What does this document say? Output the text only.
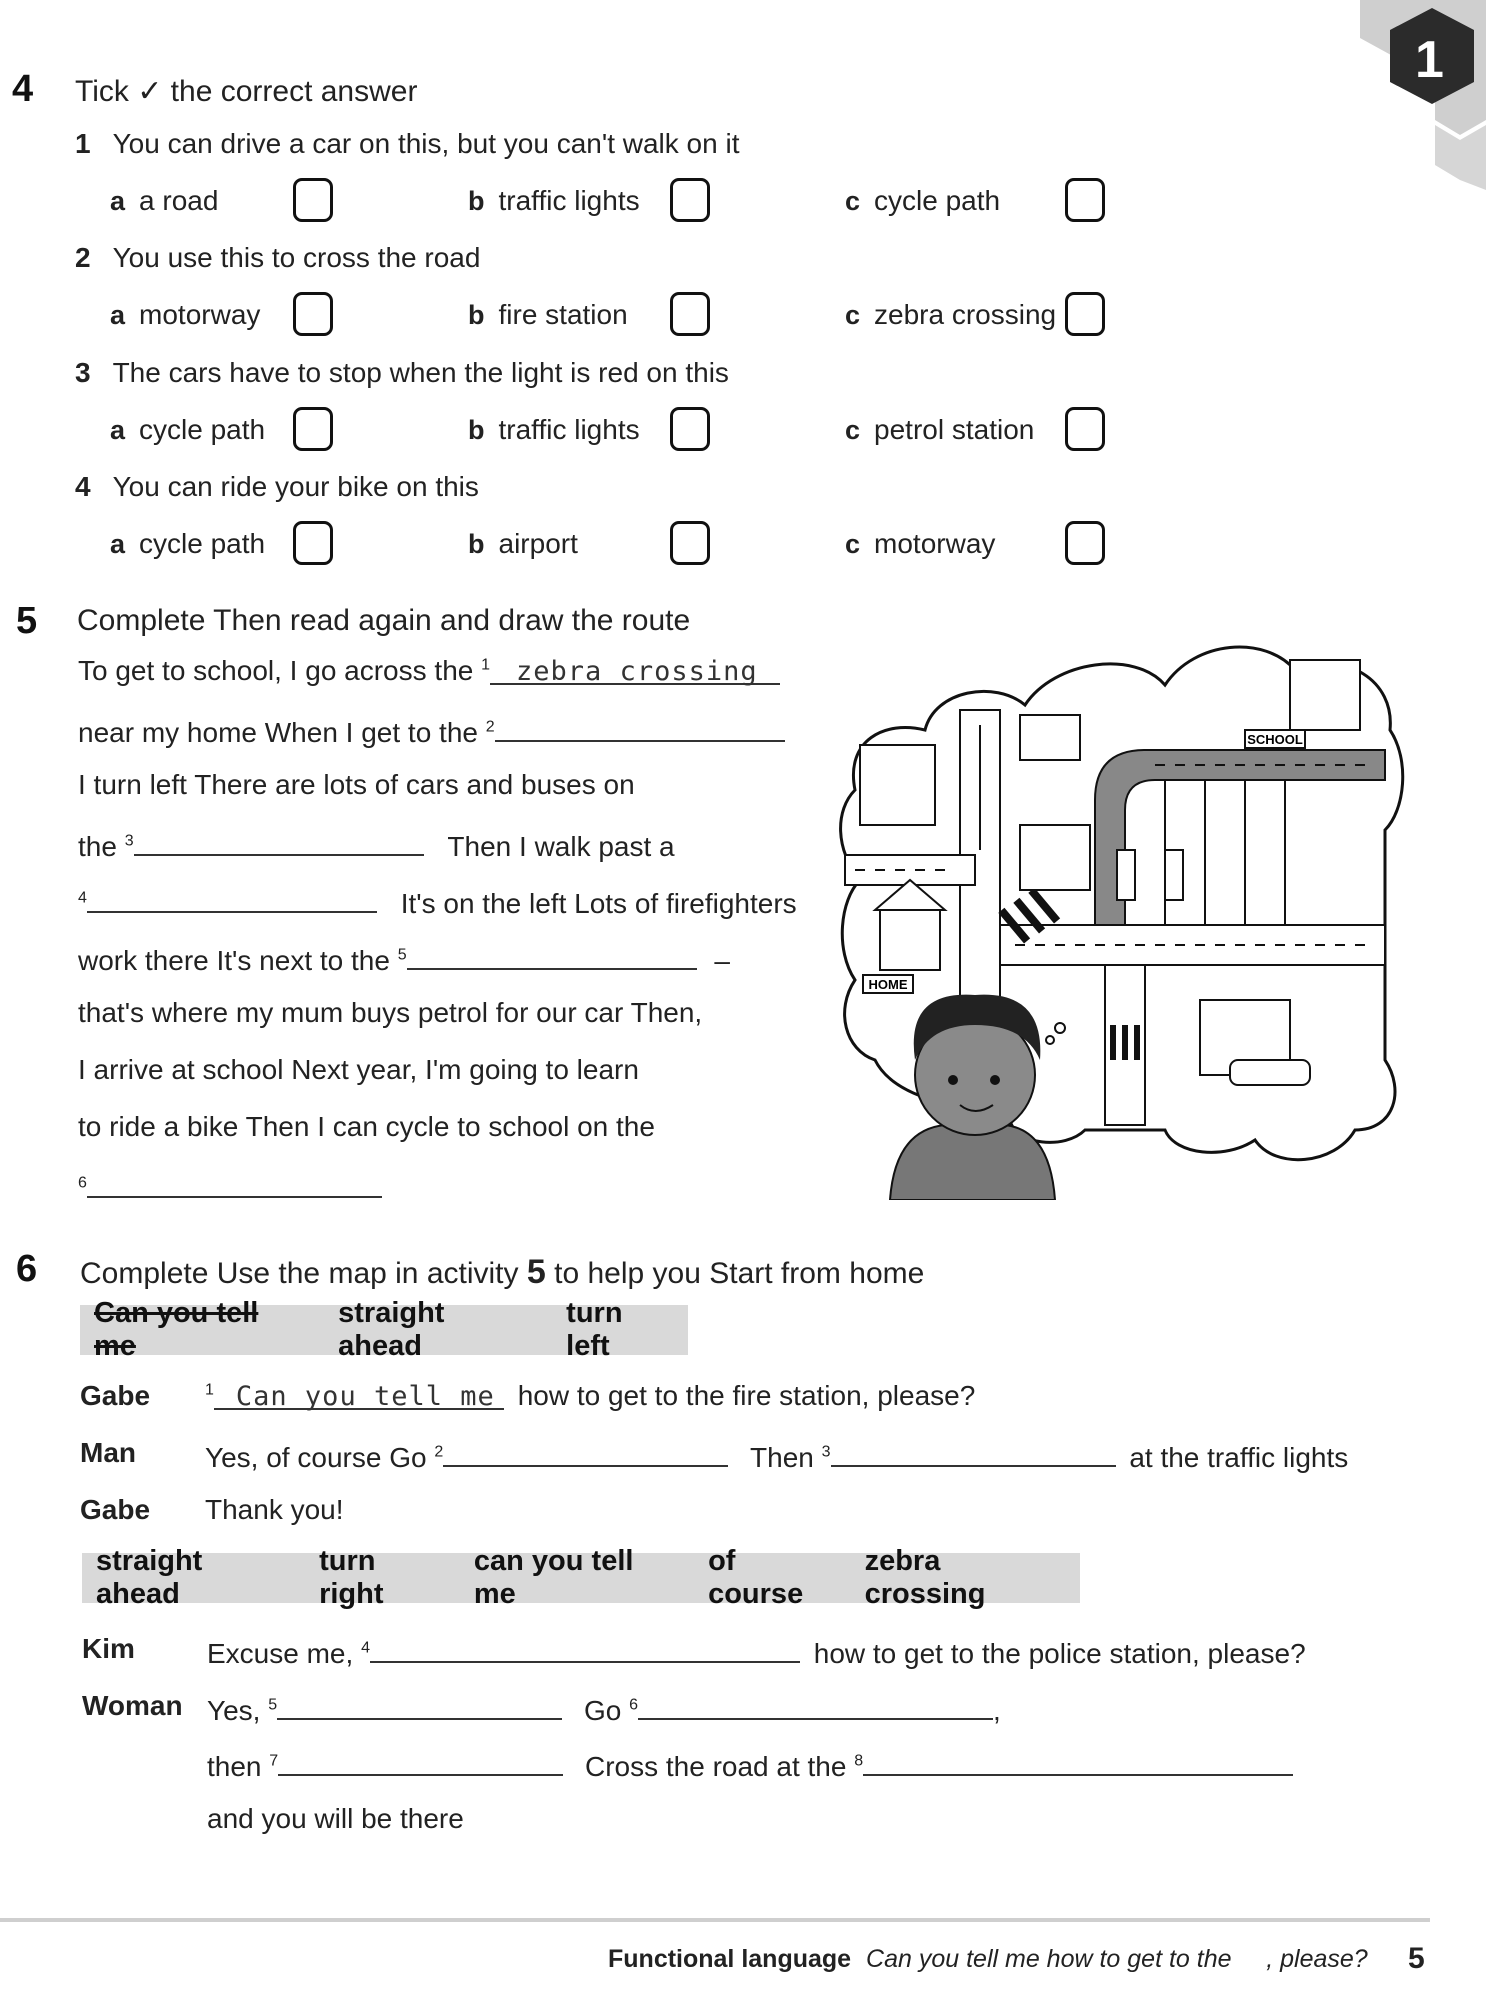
1
4 Tick ✓ the correct answer
1 You can drive a car on this, but you can't walk on it
a a road	b traffic lights	c cycle path
2 You use this to cross the road
a motorway	b fire station	c zebra crossing
3 The cars have to stop when the light is red on this
a cycle path	b traffic lights	c petrol station
4 You can ride your bike on this
a cycle path	b airport	c motorway
5 Complete Then read again and draw the route
To get to school, I go across the $^1$ zebra crossing
near my home When I get to the $^2$
I turn left There are lots of cars and buses on
the $^3$	Then I walk past a
$^4$	It's on the left Lots of firefighters
work there It's next to the $^5$	–
that's where my mum buys petrol for our car Then,
I arrive at school Next year, I'm going to learn
to ride a bike Then I can cycle to school on the
$^6$
SCHOOL
HOME
6 Complete Use the map in activity 5 to help you Start from home
Can you tell me
straight ahead
turn left
Gabe	$^1$ Can you tell me how to get to the fire station, please?
Man Yes, of course Go $^2$	Then $^3$	at the traffic lights
Gabe Thank you!
straight ahead
turn right
can you tell me
of course
zebra crossing
Kim	Excuse me, $^4$	how to get to the police station, please?
Woman Yes, $^5$	Go $^6$	,
then $^7$	Cross the road at the $^8$
and you will be there
Functional language Can you tell me how to get to the     , please? 5
